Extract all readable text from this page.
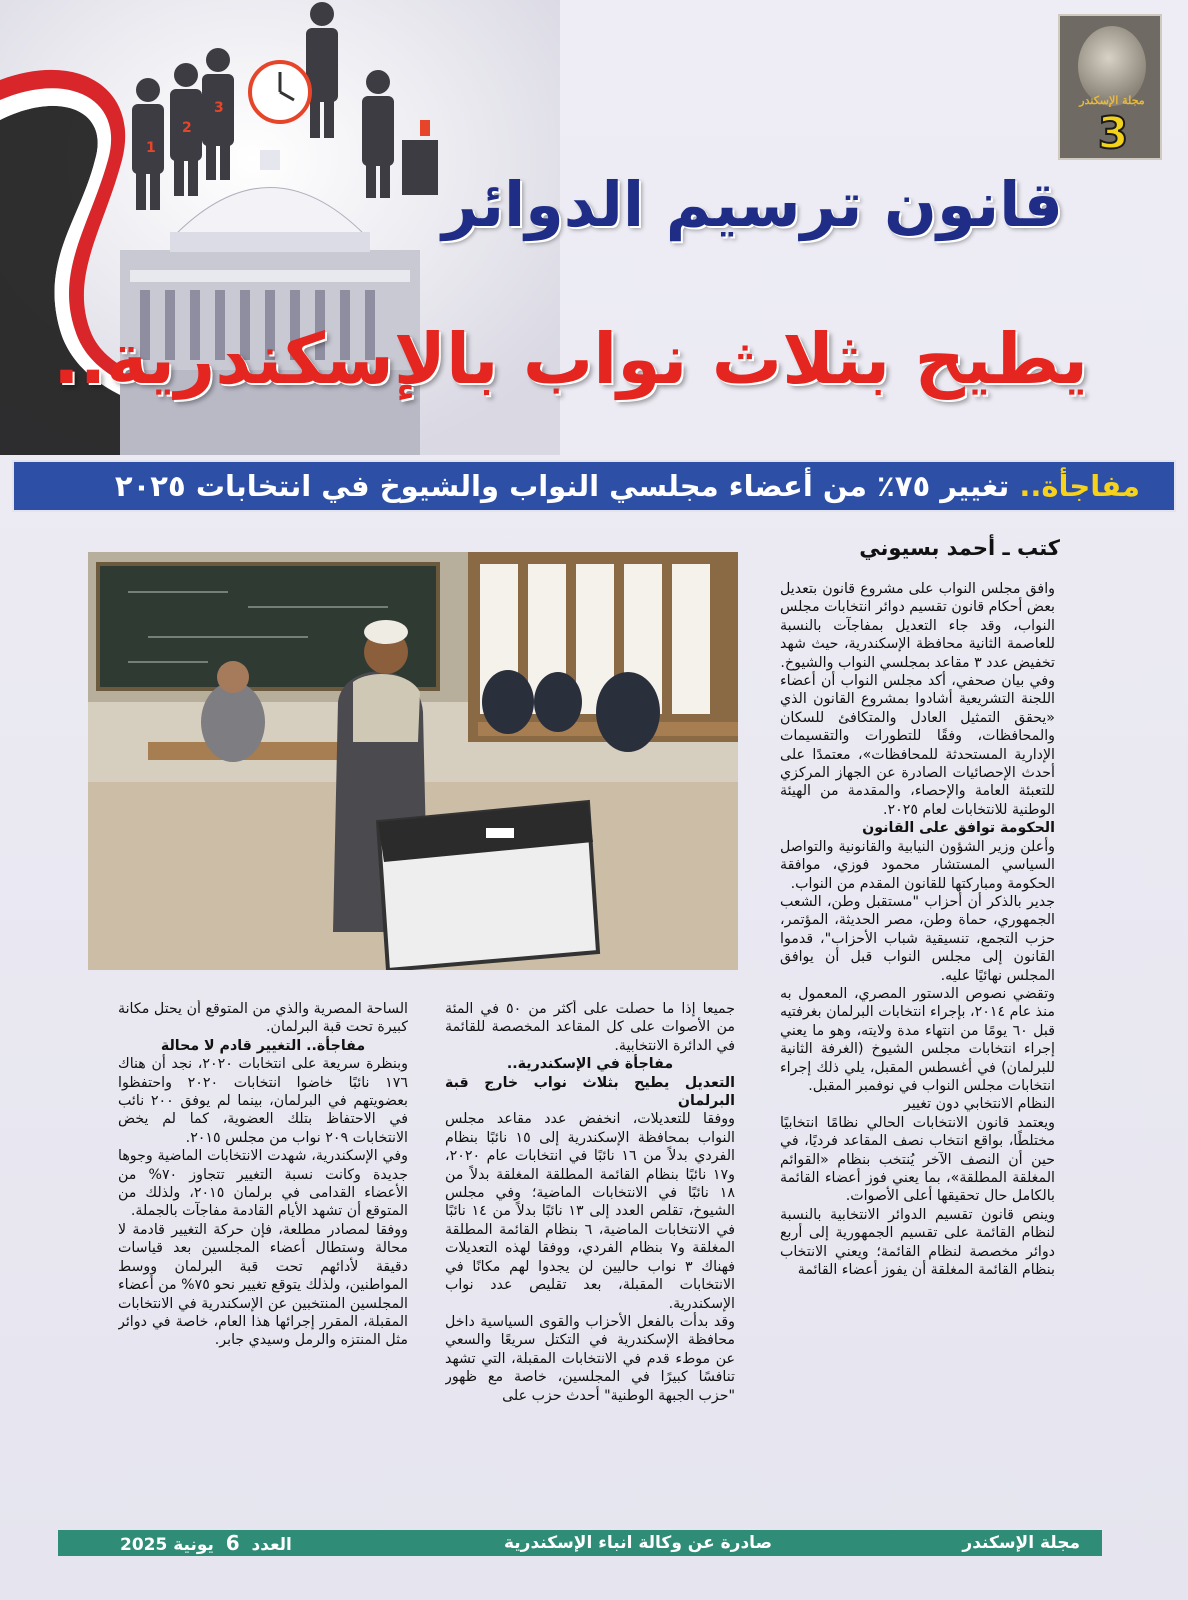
1
2
3	مجلة الإسكندر
3
قانون ترسيم الدوائر
يطيح بثلاث نواب بالإسكندرية..
مفاجأة.. تغيير ٧٥٪ من أعضاء مجلسي النواب والشيوخ في انتخابات ٢٠٢٥
كتب ـ أحمد بسيوني

وافق مجلس النواب على مشروع قانون بتعديل بعض أحكام قانون تقسيم دوائر انتخابات مجلس النواب، وقد جاء التعديل بمفاجآت بالنسبة للعاصمة الثانية محافظة الإسكندرية، حيث شهد تخفيض عدد ٣ مقاعد بمجلسي النواب والشيوخ.

وفي بيان صحفي، أكد مجلس النواب أن أعضاء اللجنة التشريعية أشادوا بمشروع القانون الذي «يحقق التمثيل العادل والمتكافئ للسكان والمحافظات، وفقًا للتطورات والتقسيمات الإدارية المستحدثة للمحافظات»، معتمدًا على أحدث الإحصائيات الصادرة عن الجهاز المركزي للتعبئة العامة والإحصاء، والمقدمة من الهيئة الوطنية للانتخابات لعام ٢٠٢٥.

الحكومة توافق على القانون

وأعلن وزير الشؤون النيابية والقانونية والتواصل السياسي المستشار محمود فوزي، موافقة الحكومة ومباركتها للقانون المقدم من النواب.

جدير بالذكر أن أحزاب "مستقبل وطن، الشعب الجمهوري، حماة وطن، مصر الحديثة، المؤتمر، حزب التجمع، تنسيقية شباب الأحزاب"، قدموا القانون إلى مجلس النواب قبل أن يوافق المجلس نهائيًا عليه.

وتقضي نصوص الدستور المصري، المعمول به منذ عام ٢٠١٤، بإجراء انتخابات البرلمان بغرفتيه قبل ٦٠ يومًا من انتهاء مدة ولايته، وهو ما يعني إجراء انتخابات مجلس الشيوخ (الغرفة الثانية للبرلمان) في أغسطس المقبل، يلي ذلك إجراء انتخابات مجلس النواب في نوفمبر المقبل.

النظام الانتخابي دون تغيير

ويعتمد قانون الانتخابات الحالي نظامًا انتخابيًا مختلطًا، بواقع انتخاب نصف المقاعد فرديًا، في حين أن النصف الآخر يُنتخب بنظام «القوائم المغلقة المطلقة»، بما يعني فوز أعضاء القائمة بالكامل حال تحقيقها أعلى الأصوات.

وينص قانون تقسيم الدوائر الانتخابية بالنسبة لنظام القائمة على تقسيم الجمهورية إلى أربع دوائر مخصصة لنظام القائمة؛ ويعني الانتخاب بنظام القائمة المغلقة أن يفوز أعضاء القائمة

جميعا إذا ما حصلت على أكثر من ٥٠ في المئة من الأصوات على كل المقاعد المخصصة للقائمة في الدائرة الانتخابية.

مفاجأة في الإسكندرية..

التعديل يطيح بثلاث نواب خارج قبة البرلمان

ووفقا للتعديلات، انخفض عدد مقاعد مجلس النواب بمحافظة الإسكندرية إلى ١٥ نائبًا بنظام الفردي بدلاً من ١٦ نائبًا في انتخابات عام ٢٠٢٠، و١٧ نائبًا بنظام القائمة المطلقة المغلقة بدلاً من ١٨ نائبًا في الانتخابات الماضية؛ وفي مجلس الشيوخ، تقلص العدد إلى ١٣ نائبًا بدلاً من ١٤ نائبًا في الانتخابات الماضية، ٦ بنظام القائمة المطلقة المغلقة و٧ بنظام الفردي، ووفقا لهذه التعديلات فهناك ٣ نواب حاليين لن يجدوا لهم مكانًا في الانتخابات المقبلة، بعد تقليص عدد نواب الإسكندرية.

وقد بدأت بالفعل الأحزاب والقوى السياسية داخل محافظة الإسكندرية في التكتل سريعًا والسعي عن موطء قدم في الانتخابات المقبلة، التي تشهد تنافسًا كبيرًا في المجلسين، خاصة مع ظهور "حزب الجبهة الوطنية" أحدث حزب على

الساحة المصرية والذي من المتوقع أن يحتل مكانة كبيرة تحت قبة البرلمان.

مفاجأة.. التغيير قادم لا محالة

وبنظرة سريعة على انتخابات ٢٠٢٠، نجد أن هناك ١٧٦ نائبًا خاضوا انتخابات ٢٠٢٠ واحتفظوا بعضويتهم في البرلمان، بينما لم يوفق ٢٠٠ نائب في الاحتفاظ بتلك العضوية، كما لم يخض الانتخابات ٢٠٩ نواب من مجلس ٢٠١٥.

وفي الإسكندرية، شهدت الانتخابات الماضية وجوها جديدة وكانت نسبة التغيير تتجاوز ٧٠% من الأعضاء القدامى في برلمان ٢٠١٥، ولذلك من المتوقع أن تشهد الأيام القادمة مفاجآت بالجملة.

ووفقا لمصادر مطلعة، فإن حركة التغيير قادمة لا محالة وستطال أعضاء المجلسين بعد قياسات دقيقة لأدائهم تحت قبة البرلمان ووسط المواطنين، ولذلك يتوقع تغيير نحو ٧٥% من أعضاء المجلسين المنتخبين عن الإسكندرية في الانتخابات المقبلة، المقرر إجرائها هذا العام، خاصة في دوائر مثل المنتزه والرمل وسيدي جابر.

مجلة الإسكندر
صادرة عن وكالة انباء الإسكندرية
العدد  6  يونية 2025
